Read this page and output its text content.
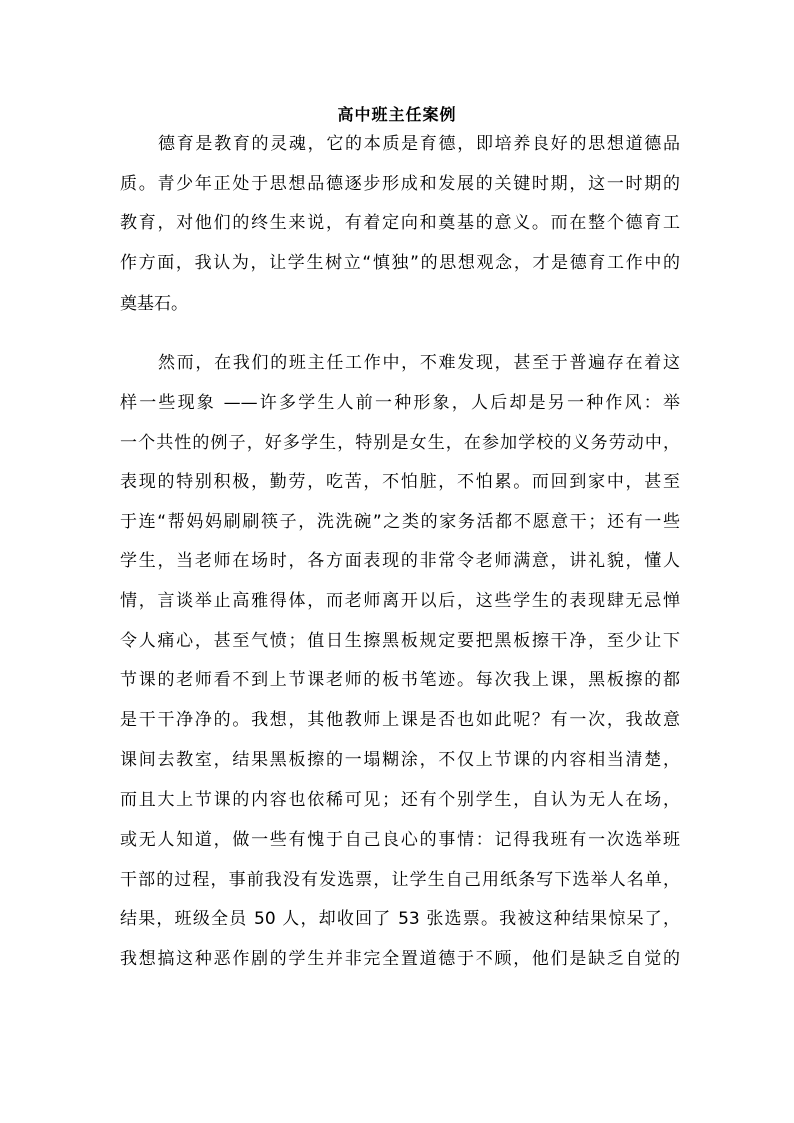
高中班主任案例
德育是教育的灵魂，它的本质是育德，即培养良好的思想道德品
质。青少年正处于思想品德逐步形成和发展的关键时期，这一时期的
教育，对他们的终生来说，有着定向和奠基的意义。而在整个德育工
作方面，我认为，让学生树立“慎独”的思想观念，才是德育工作中的
奠基石。
然而，在我们的班主任工作中，不难发现，甚至于普遍存在着这
样一些现象 ——许多学生人前一种形象，人后却是另一种作风：举
一个共性的例子，好多学生，特别是女生，在参加学校的义务劳动中，
表现的特别积极，勤劳，吃苦，不怕脏，不怕累。而回到家中，甚至
于连“帮妈妈刷刷筷子，洗洗碗”之类的家务活都不愿意干；还有一些
学生，当老师在场时，各方面表现的非常令老师满意，讲礼貌，懂人
情，言谈举止高雅得体，而老师离开以后，这些学生的表现肆无忌惮
令人痛心，甚至气愤；值日生擦黑板规定要把黑板擦干净，至少让下
节课的老师看不到上节课老师的板书笔迹。每次我上课，黑板擦的都
是干干净净的。我想，其他教师上课是否也如此呢？有一次，我故意
课间去教室，结果黑板擦的一塌糊涂，不仅上节课的内容相当清楚，
而且大上节课的内容也依稀可见；还有个别学生，自认为无人在场，
或无人知道，做一些有愧于自己良心的事情：记得我班有一次选举班
干部的过程，事前我没有发选票，让学生自己用纸条写下选举人名单，
结果，班级全员 50 人，却收回了 53 张选票。我被这种结果惊呆了，
我想搞这种恶作剧的学生并非完全置道德于不顾，他们是缺乏自觉的
